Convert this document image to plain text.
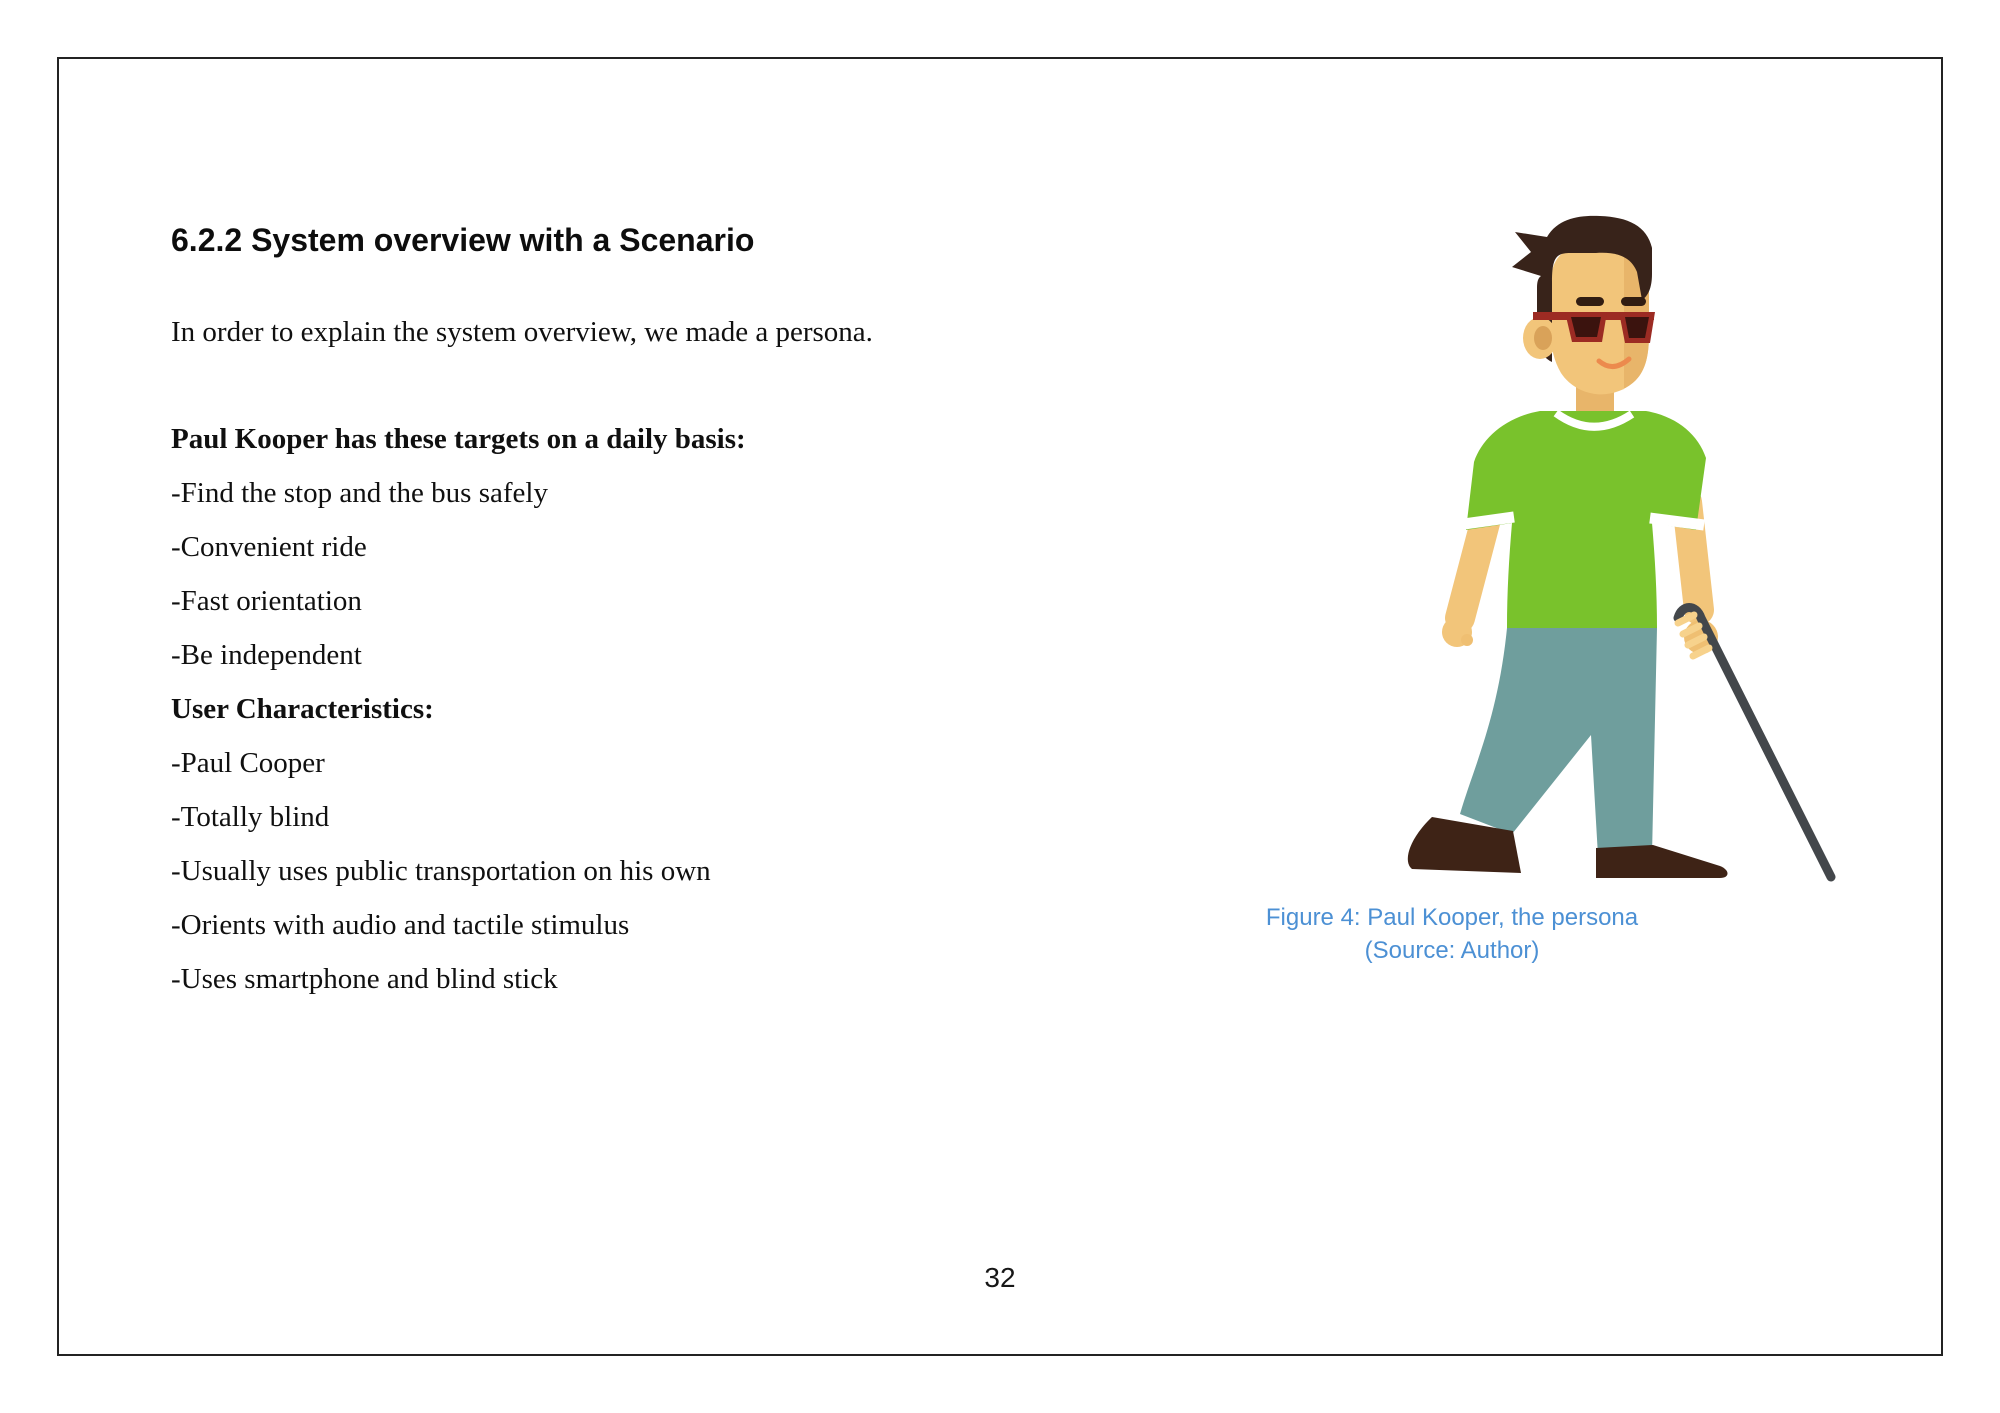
6.2.2 System overview with a Scenario
In order to explain the system overview, we made a persona.
Paul Kooper has these targets on a daily basis:
-Find the stop and the bus safely
-Convenient ride
-Fast orientation
-Be independent
User Characteristics:
-Paul Cooper
-Totally blind
-Usually uses public transportation on his own
-Orients with audio and tactile stimulus
-Uses smartphone and blind stick
Figure 4: Paul Kooper, the persona
(Source: Author)
32
